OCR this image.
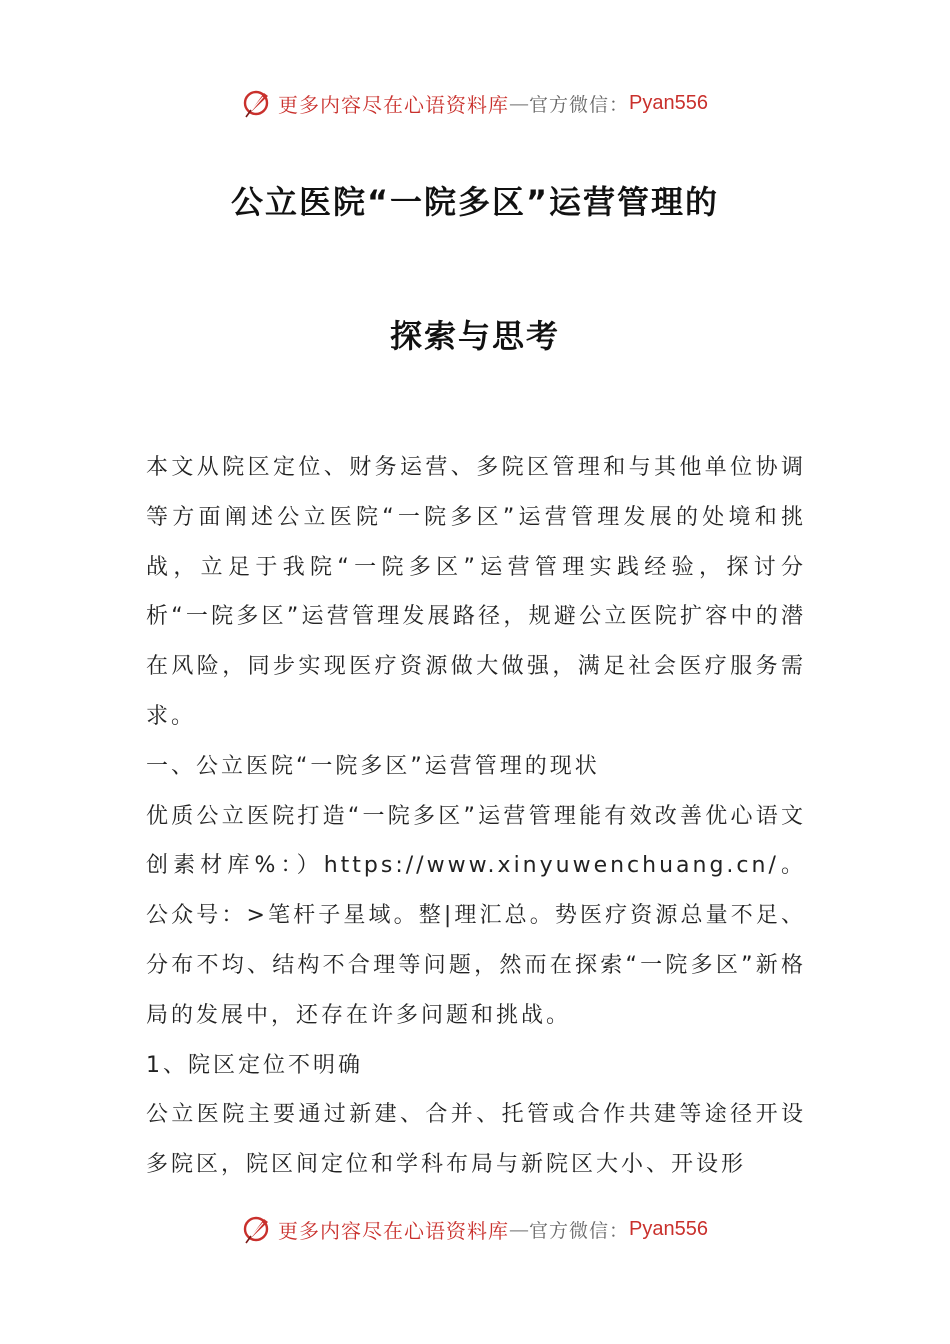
更多内容尽在心语资料库 — 官方微信： Pyan556
公立医院“一院多区”运营管理的
探索与思考

本文从院区定位、财务运营、多院区管理和与其他单位协调等方面阐述公立医院“一院多区”运营管理发展的处境和挑战，立足于我院“一院多区”运营管理实践经验，探讨分析“一院多区”运营管理发展路径，规避公立医院扩容中的潜在风险，同步实现医疗资源做大做强，满足社会医疗服务需求。

一、公立医院“一院多区”运营管理的现状

优质公立医院打造“一院多区”运营管理能有效改善优心语文创素材库%：）https://www.xinyuwenchuang.cn/。公众号：>笔杆子星域。整|理汇总。势医疗资源总量不足、分布不均、结构不合理等问题，然而在探索“一院多区”新格局的发展中，还存在许多问题和挑战。

1、院区定位不明确

公立医院主要通过新建、合并、托管或合作共建等途径开设多院区，院区间定位和学科布局与新院区大小、开设形

更多内容尽在心语资料库 — 官方微信： Pyan556
